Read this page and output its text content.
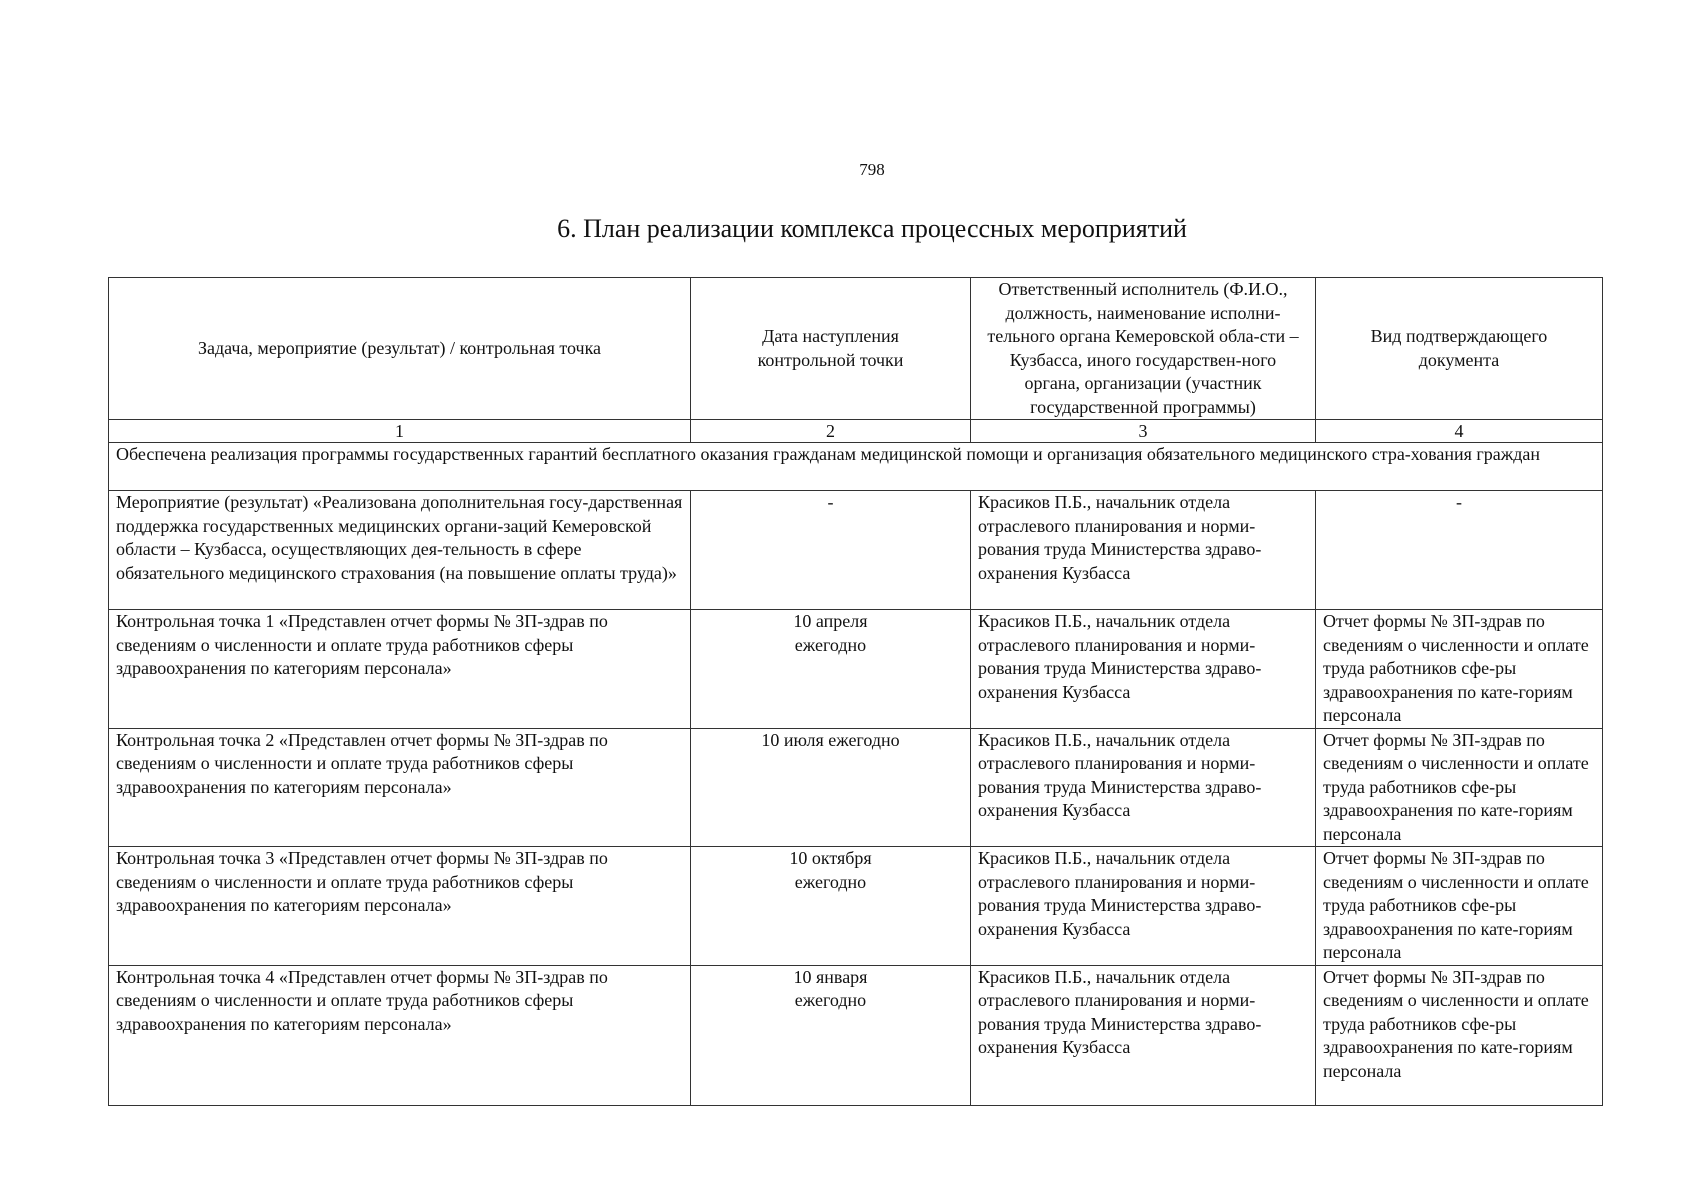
798
6. План реализации комплекса процессных мероприятий
Задача, мероприятие (результат) / контрольная точка	Дата наступления контрольной точки	Ответственный исполнитель (Ф.И.О., должность, наименование исполни-тельного органа Кемеровской обла-сти – Кузбасса, иного государствен-ного органа, организации (участник государственной программы)	Вид подтверждающего документа
1	2	3	4
Обеспечена реализация программы государственных гарантий бесплатного оказания гражданам медицинской помощи и организация обязательного медицинского стра-хования граждан			
Мероприятие (результат) «Реализована дополнительная госу-дарственная поддержка государственных медицинских органи-заций Кемеровской области – Кузбасса, осуществляющих дея-тельность в сфере обязательного медицинского страхования (на повышение оплаты труда)»	-	Красиков П.Б., начальник отдела отраслевого планирования и норми-рования труда Министерства здраво-охранения Кузбасса	-
Контрольная точка 1 «Представлен отчет формы № ЗП-здрав по сведениям о численности и оплате труда работников сферы здравоохранения по категориям персонала»	10 апреля ежегодно	Красиков П.Б., начальник отдела отраслевого планирования и норми-рования труда Министерства здраво-охранения Кузбасса	Отчет формы № ЗП-здрав по сведениям о численности и оплате труда работников сфе-ры здравоохранения по кате-гориям персонала
Контрольная точка 2 «Представлен отчет формы № ЗП-здрав по сведениям о численности и оплате труда работников сферы здравоохранения по категориям персонала»	10 июля ежегодно	Красиков П.Б., начальник отдела отраслевого планирования и норми-рования труда Министерства здраво-охранения Кузбасса	Отчет формы № ЗП-здрав по сведениям о численности и оплате труда работников сфе-ры здравоохранения по кате-гориям персонала
Контрольная точка 3 «Представлен отчет формы № ЗП-здрав по сведениям о численности и оплате труда работников сферы здравоохранения по категориям персонала»	10 октября ежегодно	Красиков П.Б., начальник отдела отраслевого планирования и норми-рования труда Министерства здраво-охранения Кузбасса	Отчет формы № ЗП-здрав по сведениям о численности и оплате труда работников сфе-ры здравоохранения по кате-гориям персонала
Контрольная точка 4 «Представлен отчет формы № ЗП-здрав по сведениям о численности и оплате труда работников сферы здравоохранения по категориям персонала»	10 января ежегодно	Красиков П.Б., начальник отдела отраслевого планирования и норми-рования труда Министерства здраво-охранения Кузбасса	Отчет формы № ЗП-здрав по сведениям о численности и оплате труда работников сфе-ры здравоохранения по кате-гориям персонала
